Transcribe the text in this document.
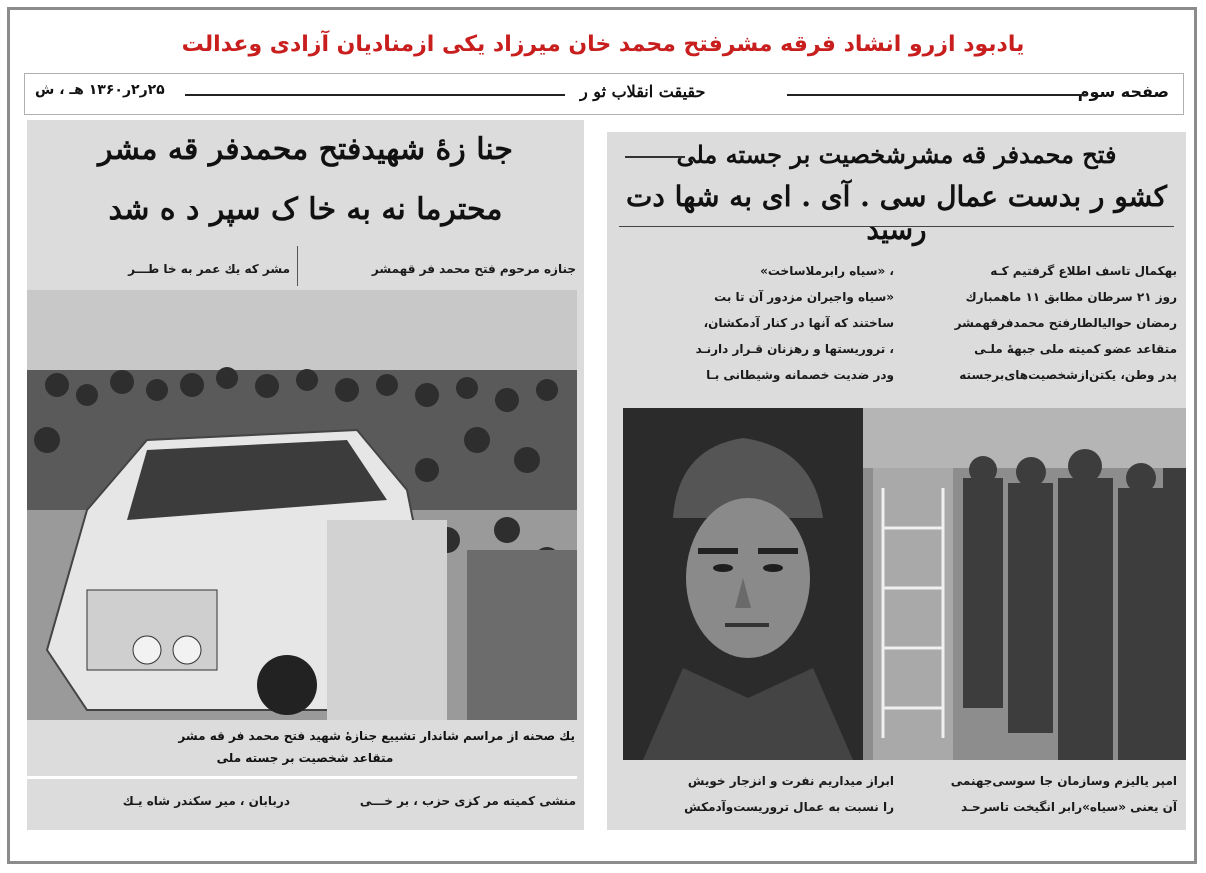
یادبود ازرو انشاد فرقه مشرفتح محمد خان میرزاد یکی ازمنادیان آزادی وعدالت
صفحه سوم
حقیقت انقلاب ثو ر
۲۵ر۲ر۱۳۶۰ هـ ، ش
جنا زهٔ شهیدفتح محمدفر قه مشر
محترما نه به خا ک سپر د ه شد
جنازه مرحوم فتح محمد فر قهمشر
مشر که یك عمر به خا طـــر
یك صحنه از مراسم شاندار تشییع جنازهٔ شهید فتح محمد فر قه مشر
متقاعد شخصیت بر جسته ملی
منشی کمیته مر کزی حزب ، بر خـــی
دربابان ، میر سکندر شاه یـك
فتح محمدفر قه مشرشخصیت بر جسته ملی
کشو ر بدست عمال سی . آی . ای به شها دت رسید
بهکمال تاسف اطلاع گرفتیم کـه
روز ۲۱ سرطان مطابق ۱۱ ماهمبارك
رمضان حوالیالطارفتح محمدفرقهمشر
متقاعد عضو کمیته ملی جبههٔ ملـی
پدر وطن، یکتن‌ازشخصیت‌های‌برجسته
، «سیاه رابرملاساخت»
«سیاه واجیران مزدور آن تا بت
ساختند که آنها در کنار آدمکشان،
، تروریستها و رهزنان قـرار دارنـد
ودر ضدیت خصمانه وشیطانی بـا
امپر یالیزم وسازمان جا سوسی‌جهنمی
آن یعنی «سیاه»رابر انگیخت تاسرحـد
ابراز میداریم نفرت و انزجار خویش
را نسبت به عمال تروریست‌وآدمکش
